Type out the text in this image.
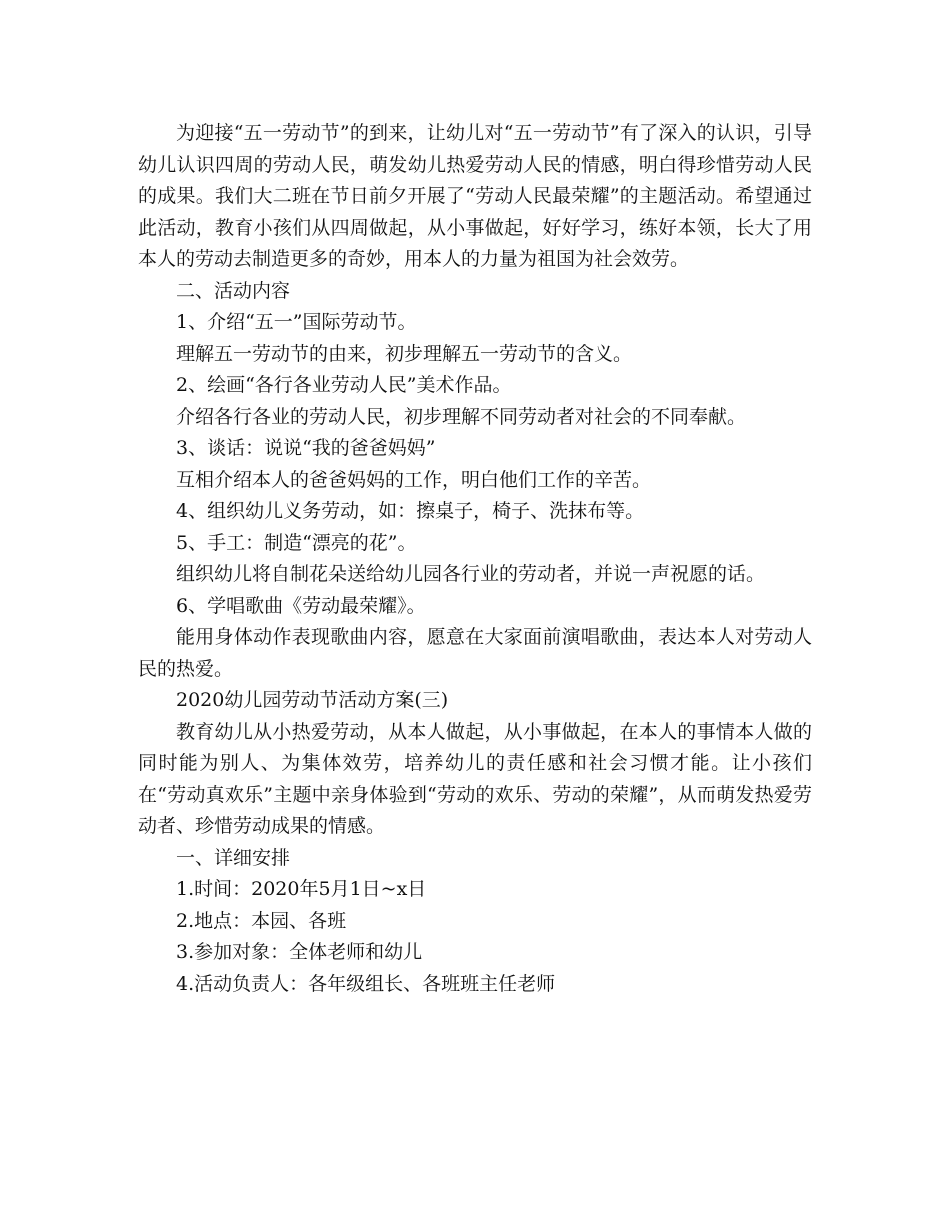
为迎接“五一劳动节”的到来，让幼儿对“五一劳动节”有了深入的认识，引导幼儿认识四周的劳动人民，萌发幼儿热爱劳动人民的情感，明白得珍惜劳动人民的成果。我们大二班在节日前夕开展了“劳动人民最荣耀”的主题活动。希望通过此活动，教育小孩们从四周做起，从小事做起，好好学习，练好本领，长大了用本人的劳动去制造更多的奇妙，用本人的力量为祖国为社会效劳。

二、活动内容

1、介绍“五一”国际劳动节。

理解五一劳动节的由来，初步理解五一劳动节的含义。

2、绘画“各行各业劳动人民”美术作品。

介绍各行各业的劳动人民，初步理解不同劳动者对社会的不同奉献。

3、谈话：说说“我的爸爸妈妈”

互相介绍本人的爸爸妈妈的工作，明白他们工作的辛苦。

4、组织幼儿义务劳动，如：擦桌子，椅子、洗抹布等。

5、手工：制造“漂亮的花”。

组织幼儿将自制花朵送给幼儿园各行业的劳动者，并说一声祝愿的话。

6、学唱歌曲《劳动最荣耀》。

能用身体动作表现歌曲内容，愿意在大家面前演唱歌曲，表达本人对劳动人民的热爱。

2020幼儿园劳动节活动方案(三)

教育幼儿从小热爱劳动，从本人做起，从小事做起，在本人的事情本人做的同时能为别人、为集体效劳，培养幼儿的责任感和社会习惯才能。让小孩们在“劳动真欢乐”主题中亲身体验到“劳动的欢乐、劳动的荣耀”，从而萌发热爱劳动者、珍惜劳动成果的情感。

一、详细安排

1.时间：2020年5月1日~x日

2.地点：本园、各班

3.参加对象：全体老师和幼儿

4.活动负责人：各年级组长、各班班主任老师
